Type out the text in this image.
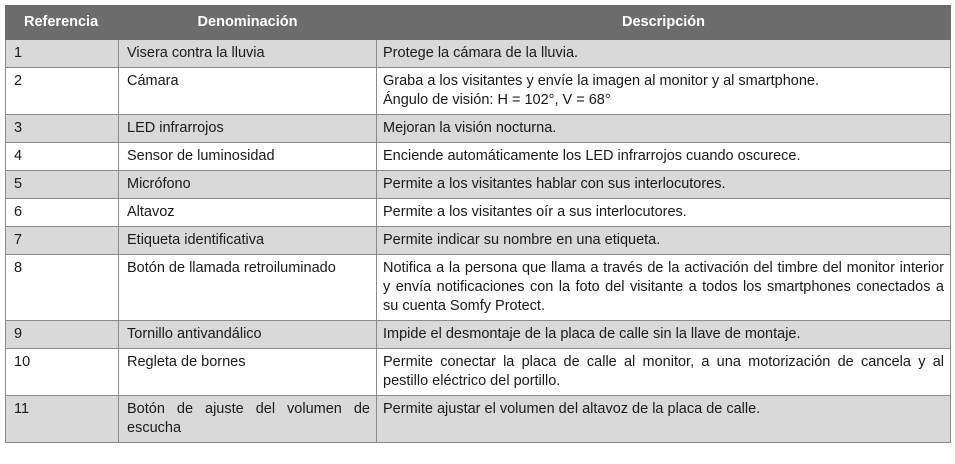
Referencia	Denominación	Descripción
1	Visera contra la lluvia	Protege la cámara de la lluvia.

2	Cámara	Graba a los visitantes y envíe la imagen al monitor y al smartphone.
Ángulo de visión: H = 102°, V = 68°

3	LED infrarrojos	Mejoran la visión nocturna.

4	Sensor de luminosidad	Enciende automáticamente los LED infrarrojos cuando oscurece.

5	Micrófono	Permite a los visitantes hablar con sus interlocutores.

6	Altavoz	Permite a los visitantes oír a sus interlocutores.

7	Etiqueta identificativa	Permite indicar su nombre en una etiqueta.

8	Botón de llamada retroiluminado	Notifica a la persona que llama a través de la activación del timbre del monitor interior y envía notificaciones con la foto del visitante a todos los smartphones conectados a su cuenta Somfy Protect.

9	Tornillo antivandálico	Impide el desmontaje de la placa de calle sin la llave de montaje.

10	Regleta de bornes	Permite conectar la placa de calle al monitor, a una motorización de cancela y al pestillo eléctrico del portillo.

11	Botón de ajuste del volumen de escucha	Permite ajustar el volumen del altavoz de la placa de calle.
